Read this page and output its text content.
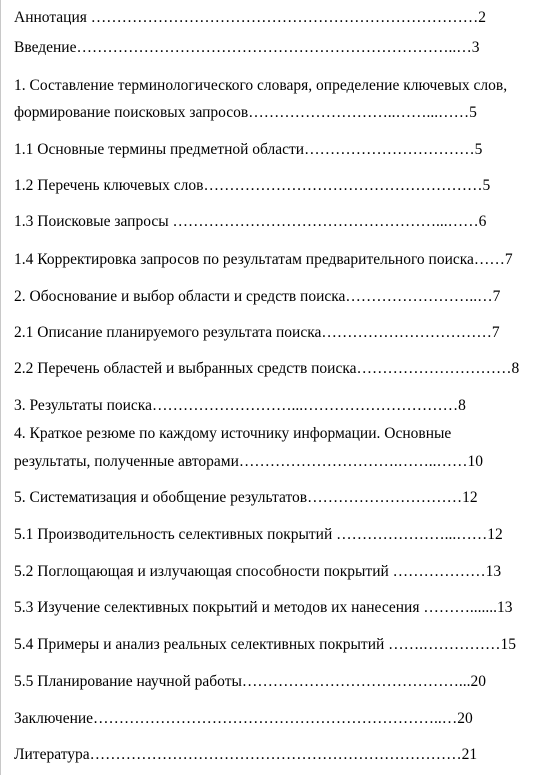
Аннотация …………………………………………………………………2
Введение………………………………………………………………..…3
1. Составление терминологического словаря, определение ключевых слов,
формирование поисковых запросов………………………..……...……5
1.1 Основные термины предметной области……………………………5
1.2 Перечень ключевых слов………………………………………………5
1.3 Поисковые запросы ……………………………………………...……6
1.4 Корректировка запросов по результатам предварительного поиска……7
2. Обоснование и выбор области и средств поиска……………………..…7
2.1 Описание планируемого результата поиска……………………………7
2.2 Перечень областей и выбранных средств поиска…………………………8
3. Результаты поиска………………………...…………………………8
4. Краткое резюме по каждому источнику информации. Основные
результаты, полученные авторами………………………….……..……10
5. Систематизация и обобщение результатов…………………………12
5.1 Производительность селективных покрытий …………………...……12
5.2 Поглощающая и излучающая способности покрытий ………………13
5.3 Изучение селективных покрытий и методов их нанесения ……….......13
5.4 Примеры и анализ реальных селективных покрытий …….……………15
5.5 Планирование научной работы……………………………………...20
Заключение…………………………………………………………..…20
Литература………………………………………………………………21
